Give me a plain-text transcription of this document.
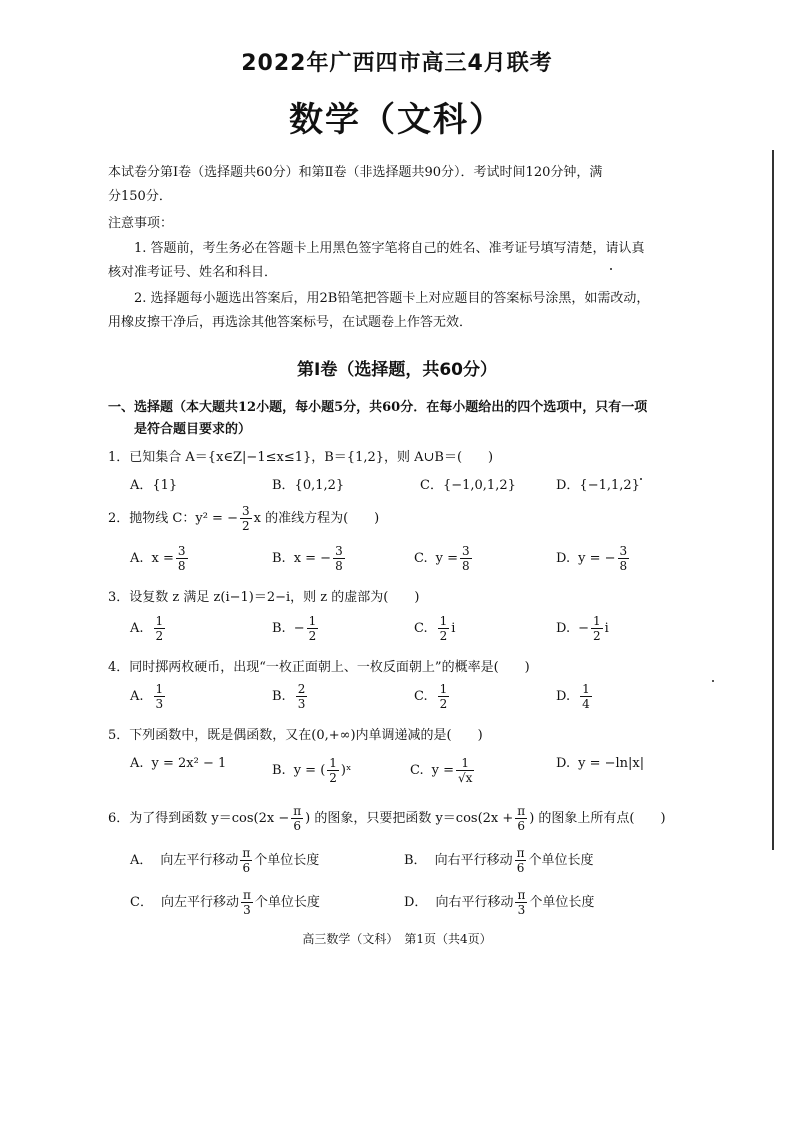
2022年广西四市高三4月联考
数学（文科）
本试卷分第Ⅰ卷（选择题共60分）和第Ⅱ卷（非选择题共90分）．考试时间120分钟，满
分150分．
注意事项：
1. 答题前，考生务必在答题卡上用黑色签字笔将自己的姓名、准考证号填写清楚，请认真
核对准考证号、姓名和科目．
2. 选择题每小题选出答案后，用2B铅笔把答题卡上对应题目的答案标号涂黑，如需改动，
用橡皮擦干净后，再选涂其他答案标号，在试题卷上作答无效．
第Ⅰ卷（选择题，共60分）
一、选择题（本大题共12小题，每小题5分，共60分．在每小题给出的四个选项中，只有一项
是符合题目要求的）
1．已知集合 A＝{x∈Z|−1≤x≤1}，B＝{1,2}，则 A∪B＝(　　)
A．{1}	B．{0,1,2}	C．{−1,0,1,2}	D．{−1,1,2}
2．抛物线 C：y² = − $\frac{3}{2}$ x 的准线方程为(　　)
A. $x = \frac{3}{8}$	B. x = − $\frac{3}{8}$	C. $y = \frac{3}{8}$	D. y = − $\frac{3}{8}$
3．设复数 z 满足 z(i−1)＝2−i，则 z 的虚部为(　　)
A. $\frac{1}{2}$	B. − $\frac{1}{2}$	C. $\frac{1}{2}$ i	D. − $\frac{1}{2}$ i
4．同时掷两枚硬币，出现“一枚正面朝上、一枚反面朝上”的概率是(　　)
A. $\frac{1}{3}$	B. $\frac{2}{3}$	C. $\frac{1}{2}$	D. $\frac{1}{4}$
5．下列函数中，既是偶函数，又在(0,+∞)内单调递减的是(　　)
A. y = 2x² − 1	B. y = ( $\frac{1}{2}$ )ˣ	C. $y = \frac{1}{√x}$	D. y = −ln|x|
6．为了得到函数 $y=\cos(2x - \frac{\pi}{6}$ ) 的图象，只要把函数 $y=\cos(2x + \frac{\pi}{6}$ ) 的图象上所有点(　　)
A． 向左平行移动 $\frac{\pi}{6}$ 个单位长度	B． 向右平行移动 $\frac{\pi}{6}$ 个单位长度
C． 向左平行移动 $\frac{\pi}{3}$ 个单位长度	D． 向右平行移动 $\frac{\pi}{3}$ 个单位长度
高三数学（文科）　第1页（共4页）
